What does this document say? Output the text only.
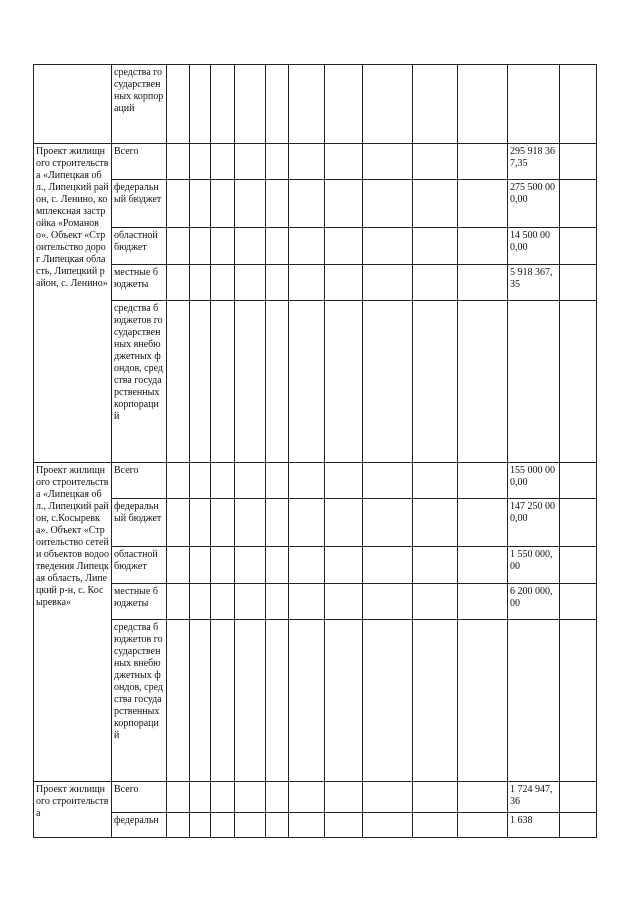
	средства государственных корпораций												

Проект жилищного строительства «Липецкая обл., Липецкий район, с. Ленино, комплексная застройка «Романово». Объект «Строительство дорог Липецкая область, Липецкий район, с. Ленино»	Всего											295 918 367,35	

	федеральный бюджет											275 500 000,00	

	областной бюджет											14 500 000,00	

	местные бюджеты											5 918 367,35	

	средства бюджетов государственных внебюджетных фондов, средства государственных корпораций												

Проект жилищного строительства «Липецкая обл., Липецкий район, с.Косыревка». Объект «Строительство сетей и объектов водоотведения Липецкая область, Липецкий р-н, с. Косыревка»	Всего											155 000 000,00	

	федеральный бюджет											147 250 000,00	

	областной бюджет											1 550 000,00	

	местные бюджеты											6 200 000,00	

	средства бюджетов государственных внебюджетных фондов, средства государственных корпораций												

Проект жилищного строительства	Всего											1 724 947,36	

	федеральн											1 638	
